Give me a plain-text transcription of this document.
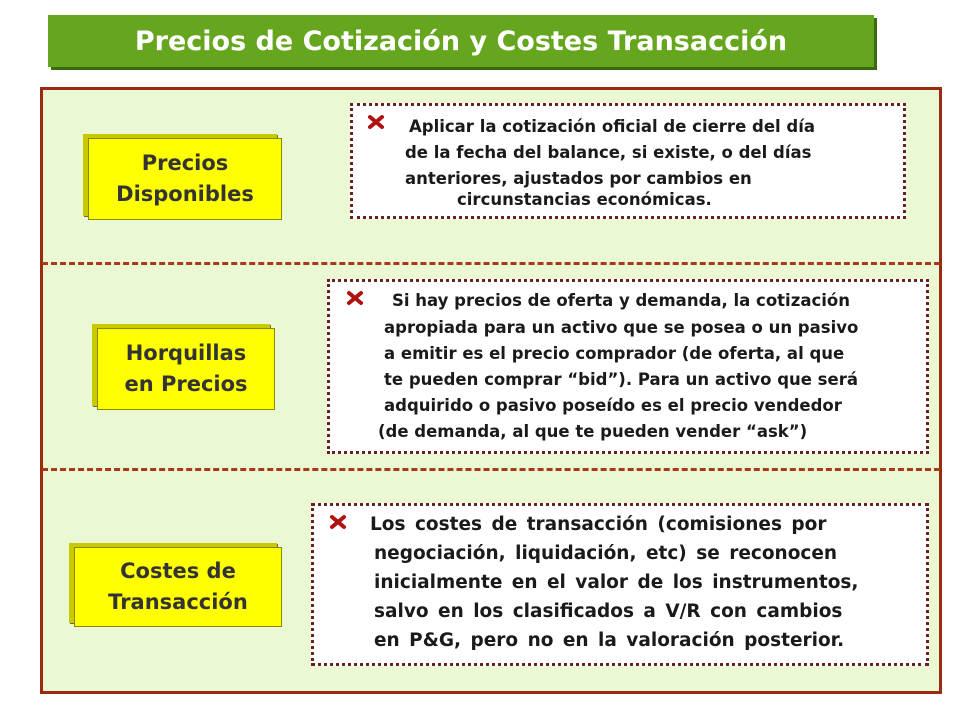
Precios de Cotización y Costes Transacción
Precios
Disponibles
Aplicar la cotización oficial de cierre del día
de la fecha del balance, si existe, o del días
anteriores, ajustados por cambios en
circunstancias económicas.
Horquillas
en Precios
Si hay precios de oferta y demanda, la cotización
apropiada para un activo que se posea o un pasivo
a emitir es el precio comprador (de oferta, al que
te pueden comprar “bid”). Para un activo que será
adquirido o pasivo poseído es el precio vendedor
(de demanda, al que te pueden vender “ask”)
Costes de
Transacción
Los costes de transacción (comisiones por
negociación, liquidación, etc) se reconocen
inicialmente en el valor de los instrumentos,
salvo en los clasificados a V/R con cambios
en P&G, pero no en la valoración posterior.
